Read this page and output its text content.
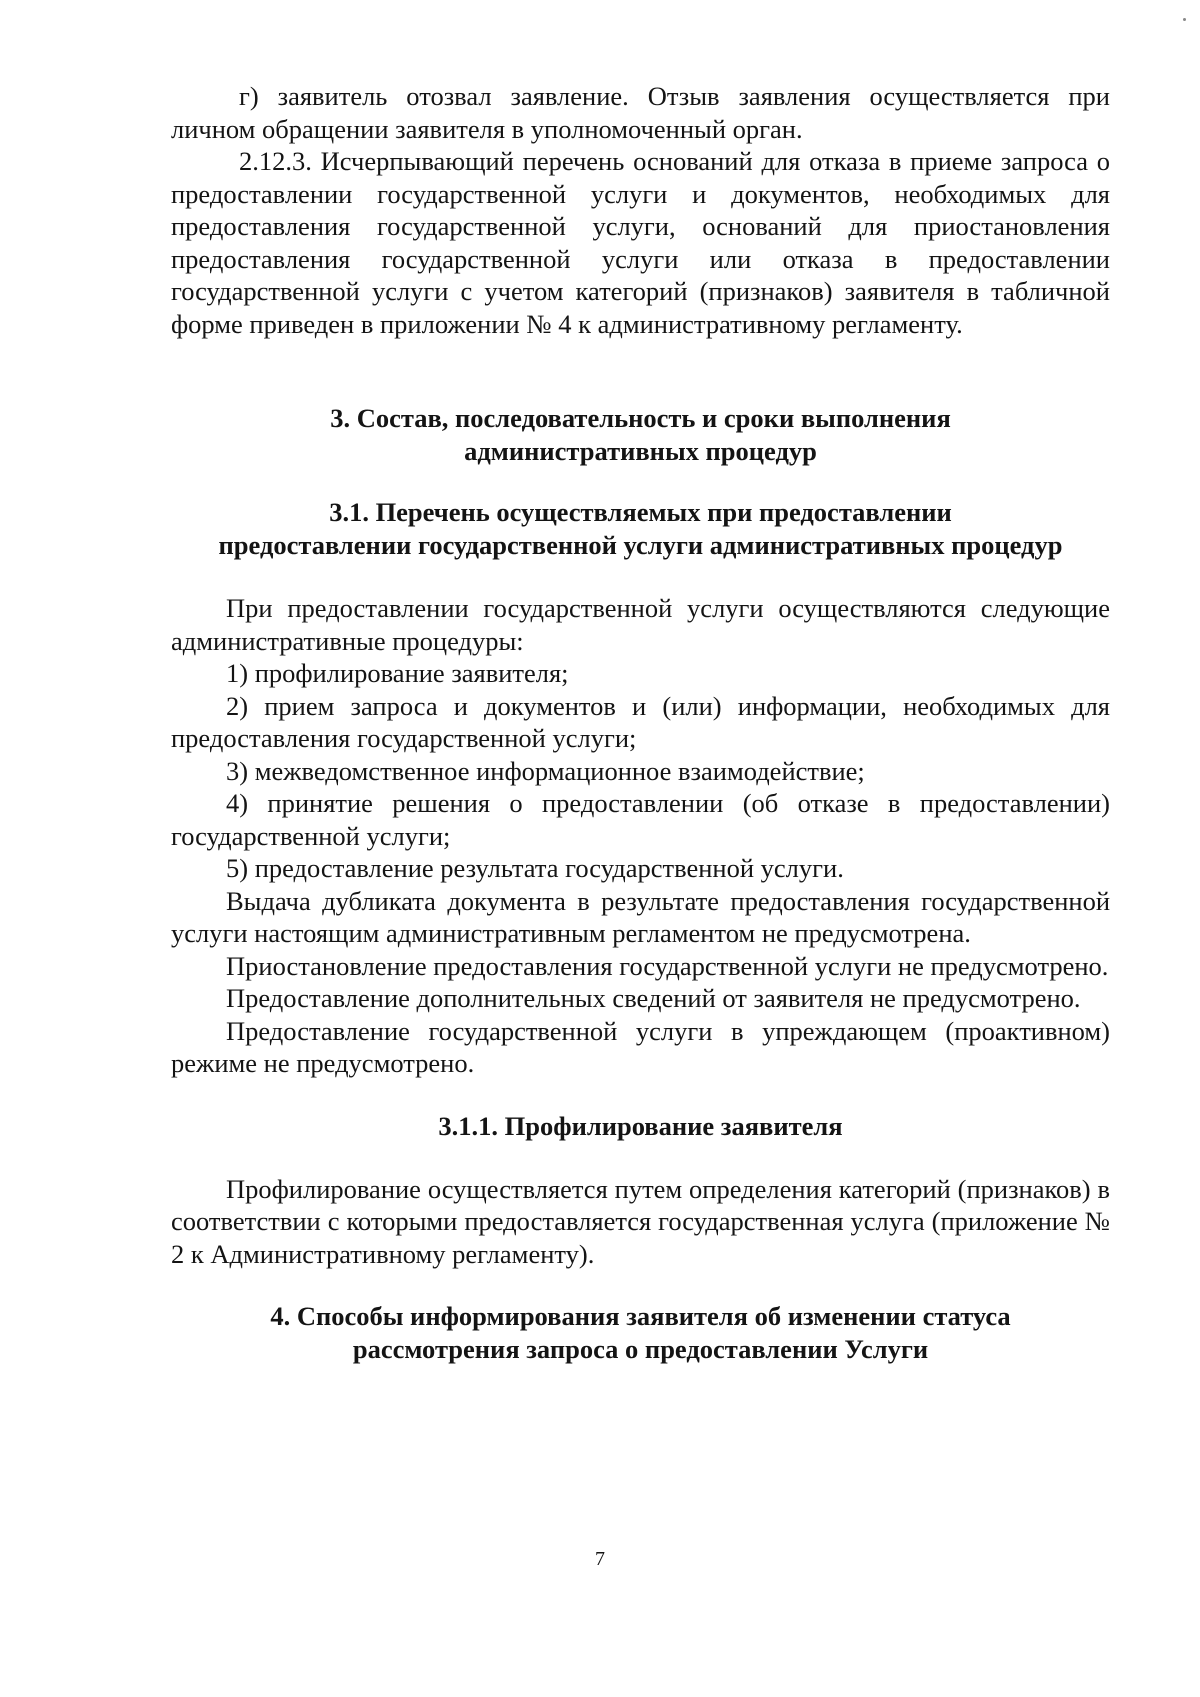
г) заявитель отозвал заявление. Отзыв заявления осуществляется при личном обращении заявителя в уполномоченный орган.

2.12.3. Исчерпывающий перечень оснований для отказа в приеме запроса о предоставлении государственной услуги и документов, необходимых для предоставления государственной услуги, оснований для приостановления предоставления государственной услуги или отказа в предоставлении государственной услуги с учетом категорий (признаков) заявителя в табличной форме приведен в приложении № 4 к административному регламенту.

3. Состав, последовательность и сроки выполнения

административных процедур

3.1. Перечень осуществляемых при предоставлении

предоставлении государственной услуги административных процедур

При предоставлении государственной услуги осуществляются следующие административные процедуры:

1) профилирование заявителя;

2) прием запроса и документов и (или) информации, необходимых для предоставления государственной услуги;

3) межведомственное информационное взаимодействие;

4) принятие решения о предоставлении (об отказе в предоставлении) государственной услуги;

5) предоставление результата государственной услуги.

Выдача дубликата документа в результате предоставления государственной услуги настоящим административным регламентом не предусмотрена.

Приостановление предоставления государственной услуги не предусмотрено.

Предоставление дополнительных сведений от заявителя не предусмотрено.

Предоставление государственной услуги в упреждающем (проактивном) режиме не предусмотрено.

3.1.1. Профилирование заявителя

Профилирование осуществляется путем определения категорий (признаков) в соответствии с которыми предоставляется государственная услуга (приложение № 2 к Административному регламенту).

4. Способы информирования заявителя об изменении статуса

рассмотрения запроса о предоставлении Услуги

7
